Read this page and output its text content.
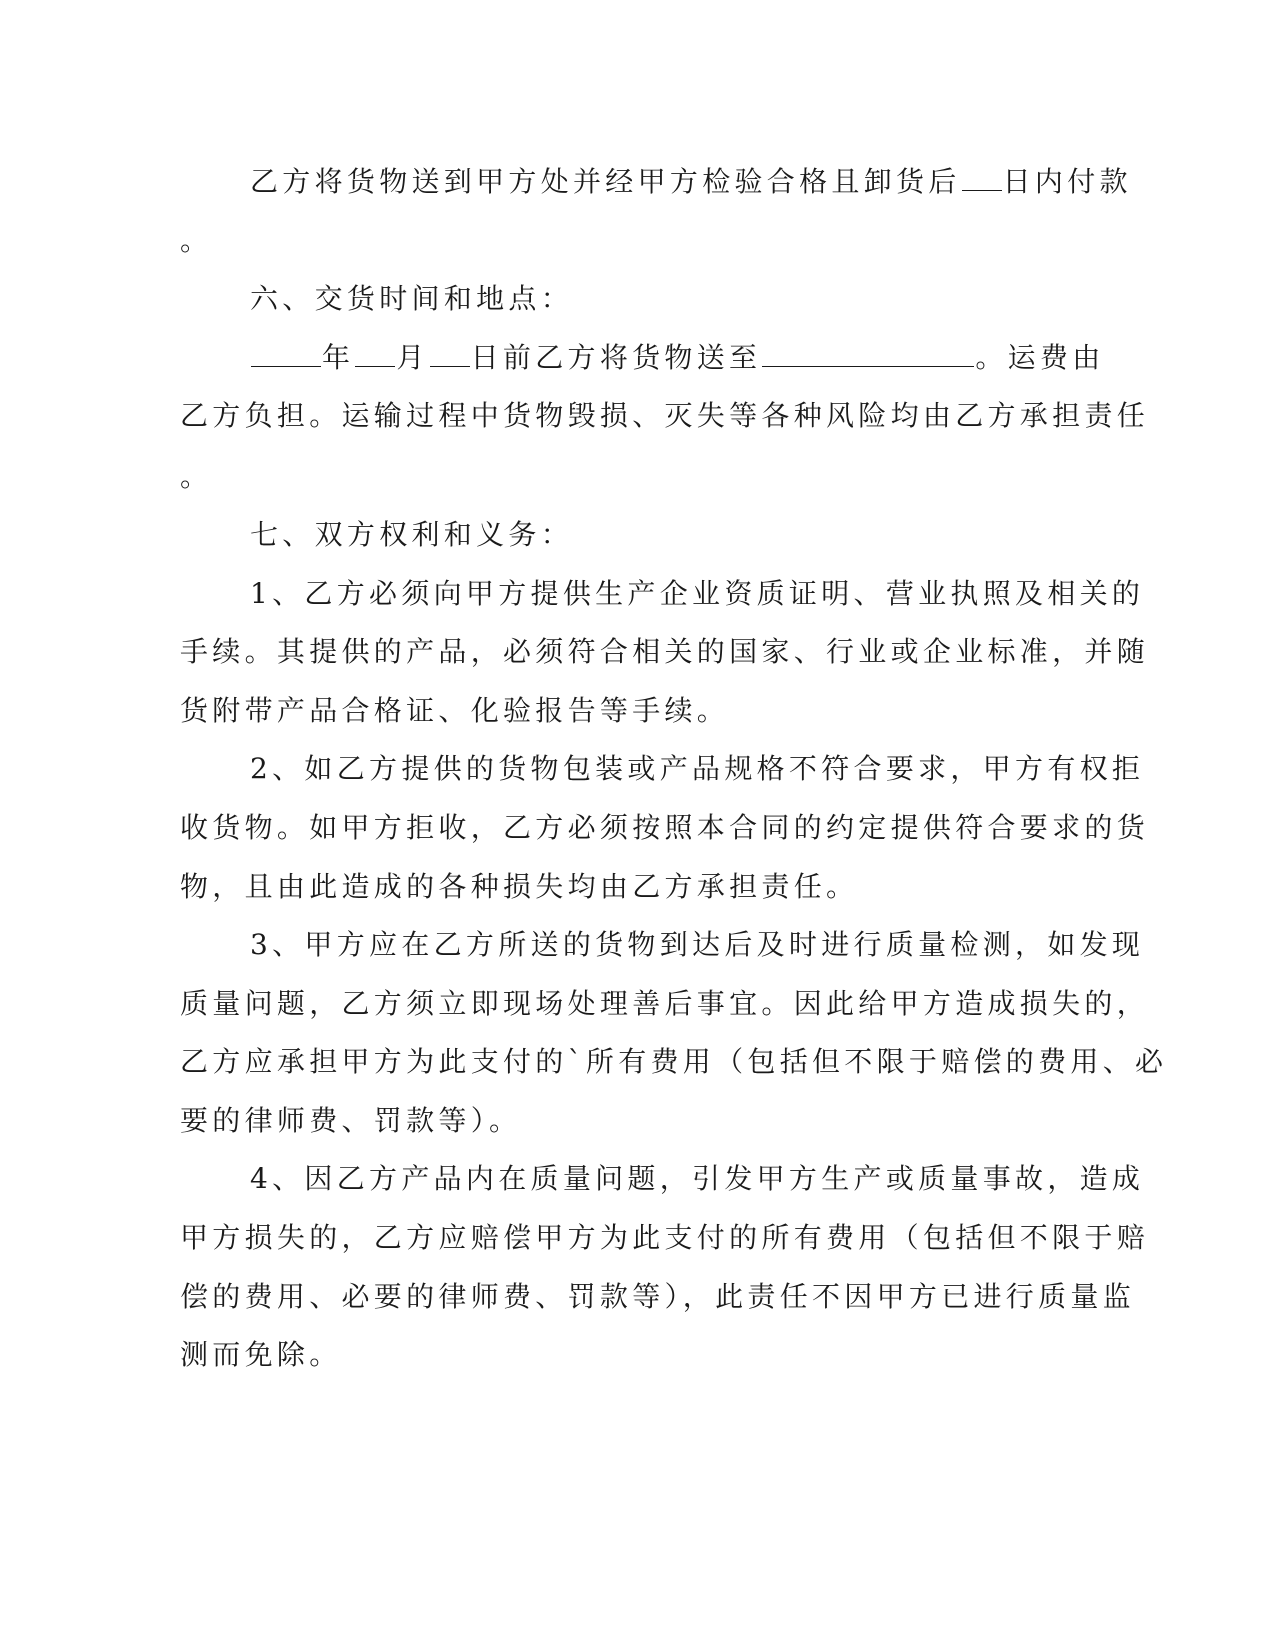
乙方将货物送到甲方处并经甲方检验合格且卸货后 日内付款
。
六、交货时间和地点：
年 月 日前乙方将货物送至	。运费由
乙方负担。运输过程中货物毁损、灭失等各种风险均由乙方承担责任
。
七、双方权利和义务：
1、乙方必须向甲方提供生产企业资质证明、营业执照及相关的
手续。其提供的产品，必须符合相关的国家、行业或企业标准，并随
货附带产品合格证、化验报告等手续。
2、如乙方提供的货物包装或产品规格不符合要求，甲方有权拒
收货物。如甲方拒收，乙方必须按照本合同的约定提供符合要求的货
物，且由此造成的各种损失均由乙方承担责任。
3、甲方应在乙方所送的货物到达后及时进行质量检测，如发现
质量问题，乙方须立即现场处理善后事宜。因此给甲方造成损失的，
乙方应承担甲方为此支付的`所有费用（包括但不限于赔偿的费用、必
要的律师费、罚款等）。
4、因乙方产品内在质量问题，引发甲方生产或质量事故，造成
甲方损失的，乙方应赔偿甲方为此支付的所有费用（包括但不限于赔
偿的费用、必要的律师费、罚款等），此责任不因甲方已进行质量监
测而免除。
